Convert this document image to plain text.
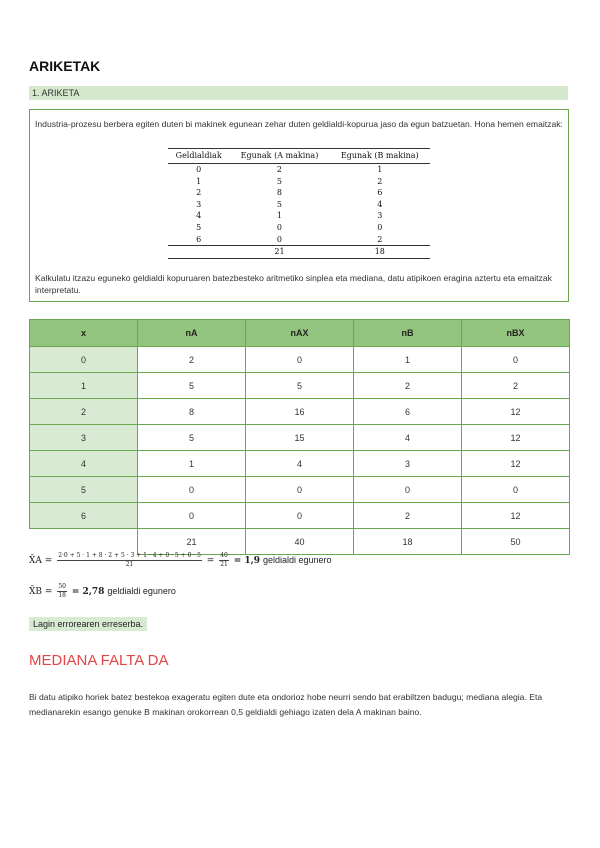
ARIKETAK
1. ARIKETA
Industria-prozesu berbera egiten duten bi makinek egunean zehar duten geldialdi-kopurua jaso da egun batzuetan. Hona hemen emaitzak:
Geldialdiak	Egunak (A makina)	Egunak (B makina)
0	2	1
1	5	2
2	8	6
3	5	4
4	1	3
5	0	0
6	0	2
	21	18
Kalkulatu itzazu eguneko geldialdi kopuruaren batezbesteko aritmetiko sinplea eta mediana, datu atipikoen eragina aztertu eta emaitzak interpretatu.
x	nA	nAX	nB	nBX
0	2	0	1	0
1	5	5	2	2
2	8	16	6	12
3	5	15	4	12
4	1	4	3	12
5	0	0	0	0
6	0	0	2	12
	21	40	18	50
X̄A = $\frac{2\cdot 0 + 5 \cdot 1 + 8 \cdot 2 + 5 \cdot 3 + 1 \cdot 4 + 0 \cdot 5 + 0 \cdot 5}{21} = \frac{40}{21} = 1,9$ geldialdi egunero
X̄B = $\frac{50}{18} = 2,78$ geldialdi egunero
Lagin errorearen erreserba.
MEDIANA FALTA DA
Bi datu atipiko horiek batez bestekoa exageratu egiten dute eta ondorioz hobe neurri sendo bat erabiltzen badugu; mediana alegia. Eta medianarekin esango genuke B makinan orokorrean 0,5 geldialdi gehiago izaten dela A makinan baino.
